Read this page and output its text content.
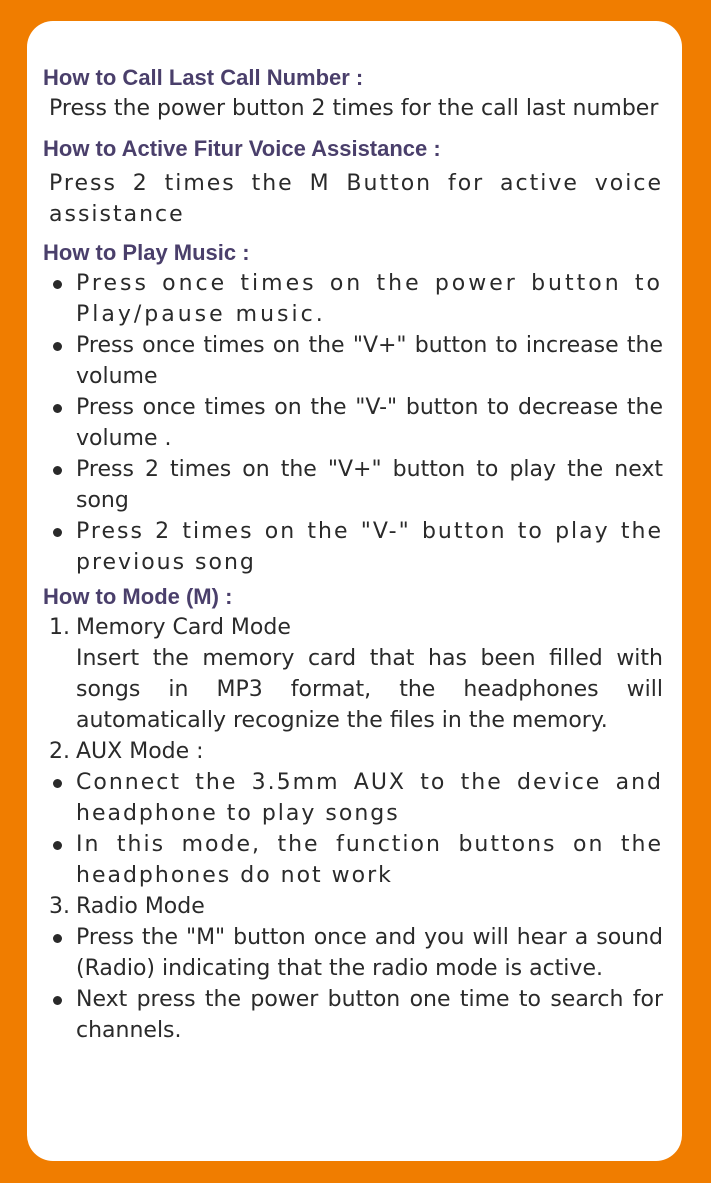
How to Call Last Call Number :

Press the power button 2 times for the call last number

How to Active Fitur Voice Assistance :

Press 2 times the M Button for active voice assistance

How to Play Music :
Press once times on the power button to Play/pause music.
Press once times on the "V+" button to increase the volume
Press once times on the "V-" button to decrease the volume .
Press 2 times on the "V+" button to play the next song
Press 2 times on the "V-" button to play the previous song
How to Mode (M) :
1. Memory Card Mode

Insert the memory card that has been filled with songs in MP3 format, the headphones will automatically recognize the files in the memory.

2. AUX Mode :
Connect the 3.5mm AUX to the device and headphone to play songs
In this mode, the function buttons on the headphones do not work
3. Radio Mode
Press the "M" button once and you will hear a sound (Radio) indicating that the radio mode is active.
Next press the power button one time to search for channels.
